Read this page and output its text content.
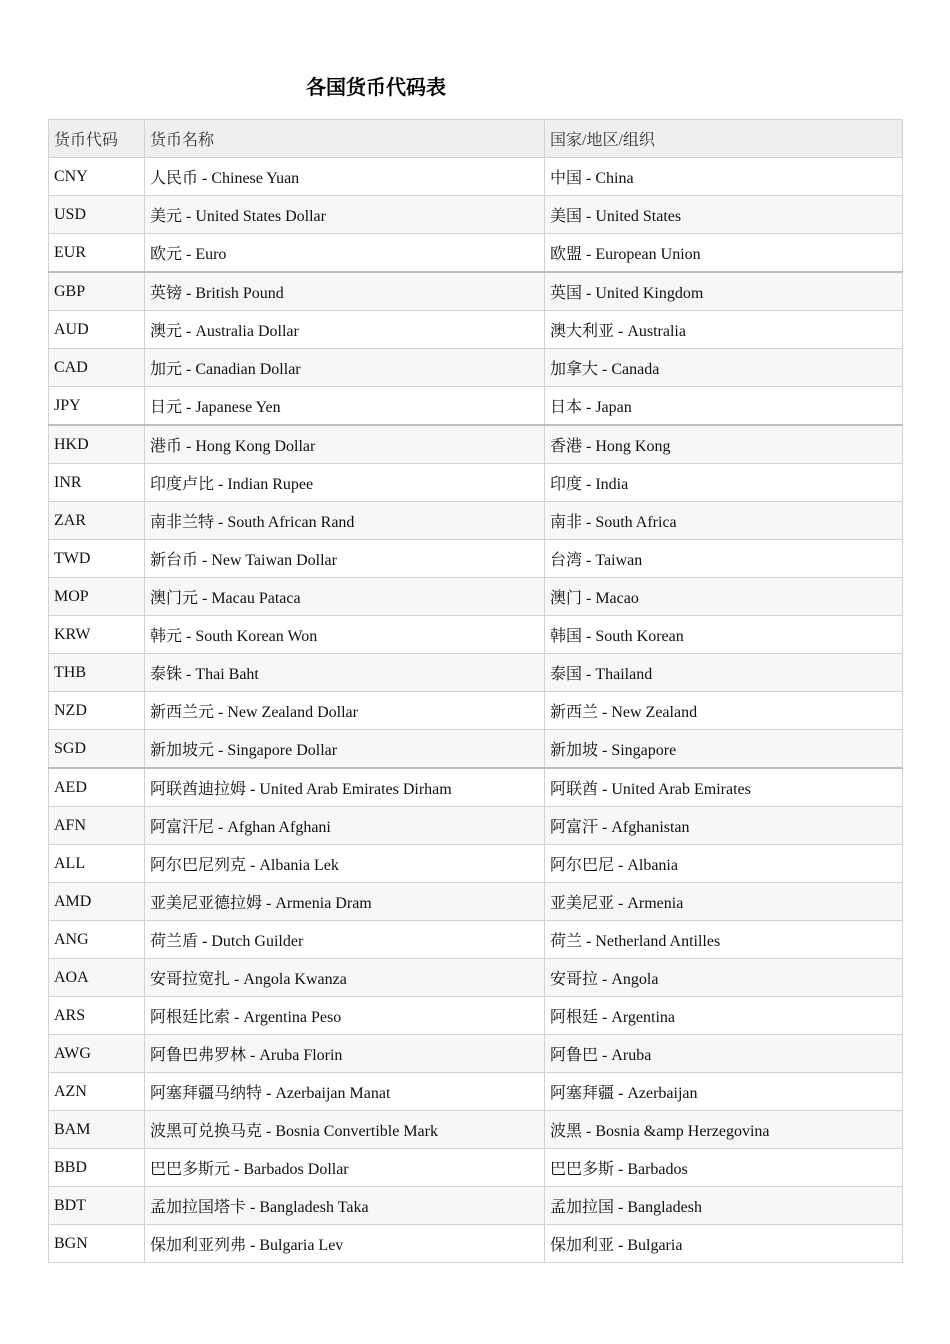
各国货币代码表
货币代码	货币名称	国家/地区/组织
CNY	人民币 - Chinese Yuan	中国 - China
USD	美元 - United States Dollar	美国 - United States
EUR	欧元 - Euro	欧盟 - European Union
GBP	英镑 - British Pound	英国 - United Kingdom
AUD	澳元 - Australia Dollar	澳大利亚 - Australia
CAD	加元 - Canadian Dollar	加拿大 - Canada
JPY	日元 - Japanese Yen	日本 - Japan
HKD	港币 - Hong Kong Dollar	香港 - Hong Kong
INR	印度卢比 - Indian Rupee	印度 - India
ZAR	南非兰特 - South African Rand	南非 - South Africa
TWD	新台币 - New Taiwan Dollar	台湾 - Taiwan
MOP	澳门元 - Macau Pataca	澳门 - Macao
KRW	韩元 - South Korean Won	韩国 - South Korean
THB	泰铢 - Thai Baht	泰国 - Thailand
NZD	新西兰元 - New Zealand Dollar	新西兰 - New Zealand
SGD	新加坡元 - Singapore Dollar	新加坡 - Singapore
AED	阿联酋迪拉姆 - United Arab Emirates Dirham	阿联酋 - United Arab Emirates
AFN	阿富汗尼 - Afghan Afghani	阿富汗 - Afghanistan
ALL	阿尔巴尼列克 - Albania Lek	阿尔巴尼 - Albania
AMD	亚美尼亚德拉姆 - Armenia Dram	亚美尼亚 - Armenia
ANG	荷兰盾 - Dutch Guilder	荷兰 - Netherland Antilles
AOA	安哥拉宽扎 - Angola Kwanza	安哥拉 - Angola
ARS	阿根廷比索 - Argentina Peso	阿根廷 - Argentina
AWG	阿鲁巴弗罗林 - Aruba Florin	阿鲁巴 - Aruba
AZN	阿塞拜疆马纳特 - Azerbaijan Manat	阿塞拜疆 - Azerbaijan
BAM	波黑可兑换马克 - Bosnia Convertible Mark	波黑 - Bosnia &amp Herzegovina
BBD	巴巴多斯元 - Barbados Dollar	巴巴多斯 - Barbados
BDT	孟加拉国塔卡 - Bangladesh Taka	孟加拉国 - Bangladesh
BGN	保加利亚列弗 - Bulgaria Lev	保加利亚 - Bulgaria
